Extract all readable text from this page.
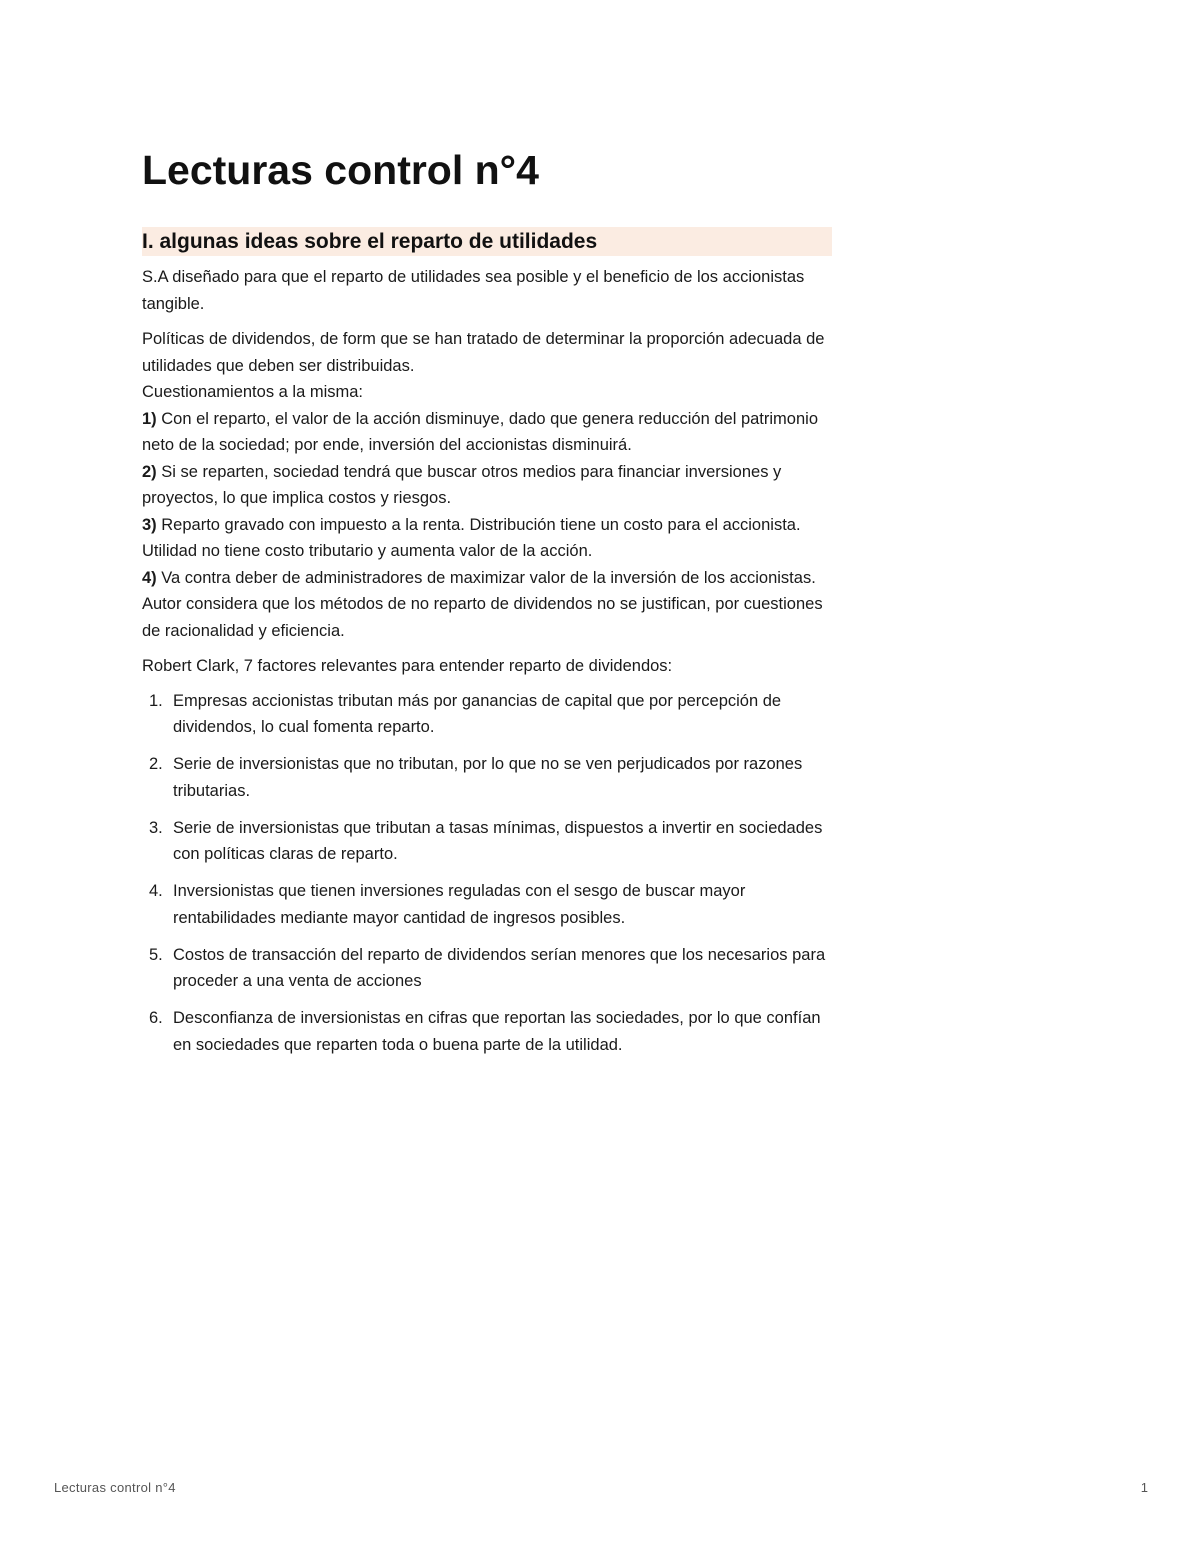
Lecturas control n°4
I. algunas ideas sobre el reparto de utilidades

S.A diseñado para que el reparto de utilidades sea posible y el beneficio de los accionistas tangible.

Políticas de dividendos, de form que se han tratado de determinar la proporción adecuada de utilidades que deben ser distribuidas.
Cuestionamientos a la misma:
1) Con el reparto, el valor de la acción disminuye, dado que genera reducción del patrimonio neto de la sociedad; por ende, inversión del accionistas disminuirá.
2) Si se reparten, sociedad tendrá que buscar otros medios para financiar inversiones y proyectos, lo que implica costos y riesgos.
3) Reparto gravado con impuesto a la renta. Distribución tiene un costo para el accionista. Utilidad no tiene costo tributario y aumenta valor de la acción.
4) Va contra deber de administradores de maximizar valor de la inversión de los accionistas.
Autor considera que los métodos de no reparto de dividendos no se justifican, por cuestiones de racionalidad y eficiencia.

Robert Clark, 7 factores relevantes para entender reparto de dividendos:

1. Empresas accionistas tributan más por ganancias de capital que por percepción de dividendos, lo cual fomenta reparto.
2. Serie de inversionistas que no tributan, por lo que no se ven perjudicados por razones tributarias.
3. Serie de inversionistas que tributan a tasas mínimas, dispuestos a invertir en sociedades con políticas claras de reparto.
4. Inversionistas que tienen inversiones reguladas con el sesgo de buscar mayor rentabilidades mediante mayor cantidad de ingresos posibles.
5. Costos de transacción del reparto de dividendos serían menores que los necesarios para proceder a una venta de acciones
6. Desconfianza de inversionistas en cifras que reportan las sociedades, por lo que confían en sociedades que reparten toda o buena parte de la utilidad.
Lecturas control n°4	1
